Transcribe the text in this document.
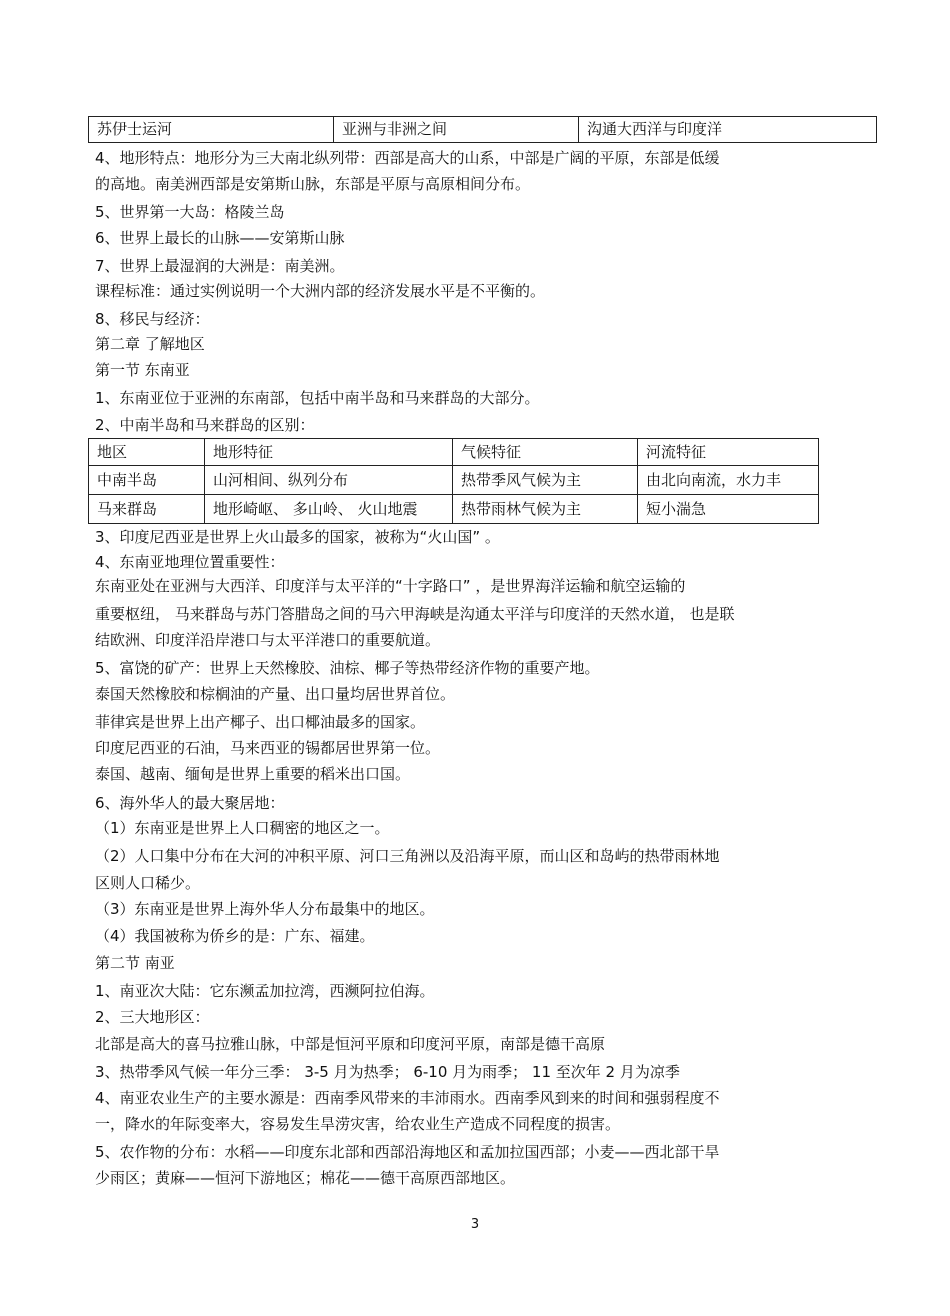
苏伊士运河	亚洲与非洲之间	沟通大西洋与印度洋
4、地形特点：地形分为三大南北纵列带：西部是高大的山系，中部是广阔的平原，东部是低缓
的高地。南美洲西部是安第斯山脉，东部是平原与高原相间分布。
5、世界第一大岛：格陵兰岛
6、世界上最长的山脉——安第斯山脉
7、世界上最湿润的大洲是：南美洲。
课程标准：通过实例说明一个大洲内部的经济发展水平是不平衡的。
8、移民与经济：
第二章 了解地区
第一节 东南亚
1、东南亚位于亚洲的东南部，包括中南半岛和马来群岛的大部分。
2、中南半岛和马来群岛的区别：
地区	地形特征	气候特征	河流特征
中南半岛	山河相间、纵列分布	热带季风气候为主	由北向南流，水力丰
马来群岛	地形崎岖、 多山岭、 火山地震	热带雨林气候为主	短小湍急
3、印度尼西亚是世界上火山最多的国家，被称为“火山国” 。
4、东南亚地理位置重要性：
东南亚处在亚洲与大西洋、印度洋与太平洋的“十字路口” ，是世界海洋运输和航空运输的
重要枢纽， 马来群岛与苏门答腊岛之间的马六甲海峡是沟通太平洋与印度洋的天然水道， 也是联
结欧洲、印度洋沿岸港口与太平洋港口的重要航道。
5、富饶的矿产：世界上天然橡胶、油棕、椰子等热带经济作物的重要产地。
泰国天然橡胶和棕榈油的产量、出口量均居世界首位。
菲律宾是世界上出产椰子、出口椰油最多的国家。
印度尼西亚的石油，马来西亚的锡都居世界第一位。
泰国、越南、缅甸是世界上重要的稻米出口国。
6、海外华人的最大聚居地：
（1）东南亚是世界上人口稠密的地区之一。
（2）人口集中分布在大河的冲积平原、河口三角洲以及沿海平原，而山区和岛屿的热带雨林地
区则人口稀少。
（3）东南亚是世界上海外华人分布最集中的地区。
（4）我国被称为侨乡的是：广东、福建。
第二节 南亚
1、南亚次大陆：它东濒孟加拉湾，西濒阿拉伯海。
2、三大地形区：
北部是高大的喜马拉雅山脉，中部是恒河平原和印度河平原，南部是德干高原
3、热带季风气候一年分三季： 3-5 月为热季； 6-10 月为雨季； 11 至次年 2 月为凉季
4、南亚农业生产的主要水源是：西南季风带来的丰沛雨水。西南季风到来的时间和强弱程度不
一，降水的年际变率大，容易发生旱涝灾害，给农业生产造成不同程度的损害。
5、农作物的分布：水稻——印度东北部和西部沿海地区和孟加拉国西部；小麦——西北部干旱
少雨区；黄麻——恒河下游地区；棉花——德干高原西部地区。
3
